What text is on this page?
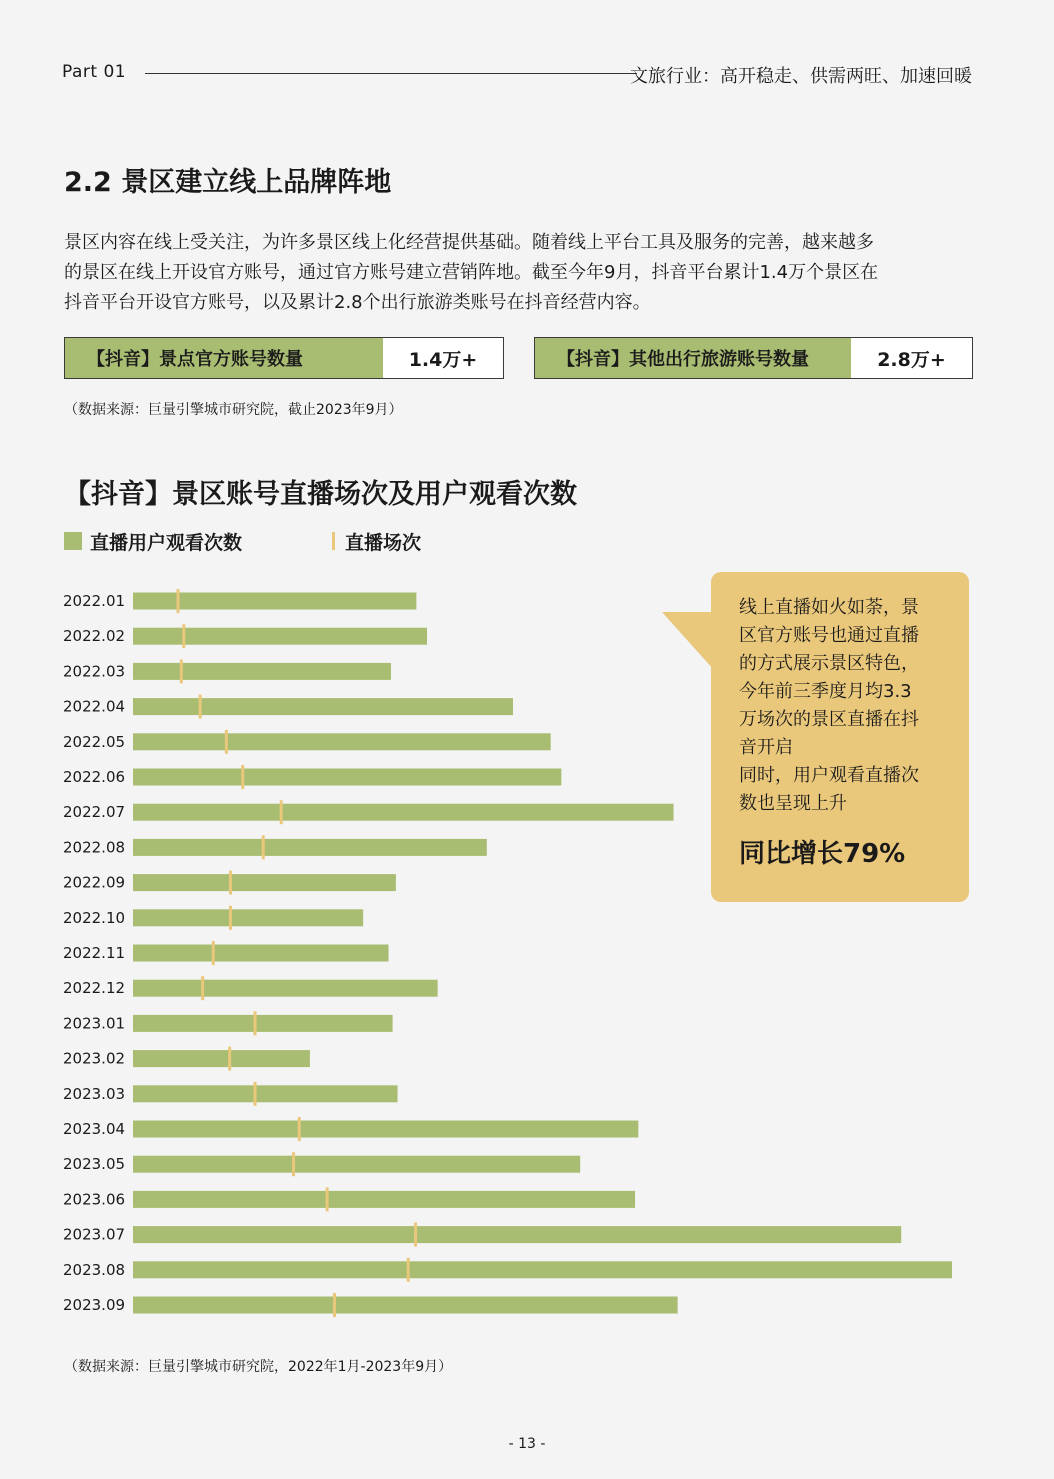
Part 01	文旅行业：高开稳走、供需两旺、加速回暖
2.2 景区建立线上品牌阵地
景区内容在线上受关注，为许多景区线上化经营提供基础。随着线上平台工具及服务的完善，越来越多
的景区在线上开设官方账号，通过官方账号建立营销阵地。截至今年9月，抖音平台累计1.4万个景区在
抖音平台开设官方账号，以及累计2.8个出行旅游类账号在抖音经营内容。
【抖音】景点官方账号数量	1.4万+	【抖音】其他出行旅游账号数量	2.8万+
（数据来源：巨量引擎城市研究院，截止2023年9月）
【抖音】景区账号直播场次及用户观看次数
直播用户观看次数	直播场次
2022.01
2022.02
2022.03
2022.04
2022.05
2022.06
2022.07
2022.08
2022.09
2022.10
2022.11
2022.12
2023.01
2023.02
2023.03
2023.04
2023.05
2023.06
2023.07
2023.08
2023.09
线上直播如火如荼，景
区官方账号也通过直播
的方式展示景区特色，
今年前三季度月均3.3
万场次的景区直播在抖
音开启
同时，用户观看直播次
数也呈现上升
同比增长79%
（数据来源：巨量引擎城市研究院，2022年1月-2023年9月）
- 13 -
